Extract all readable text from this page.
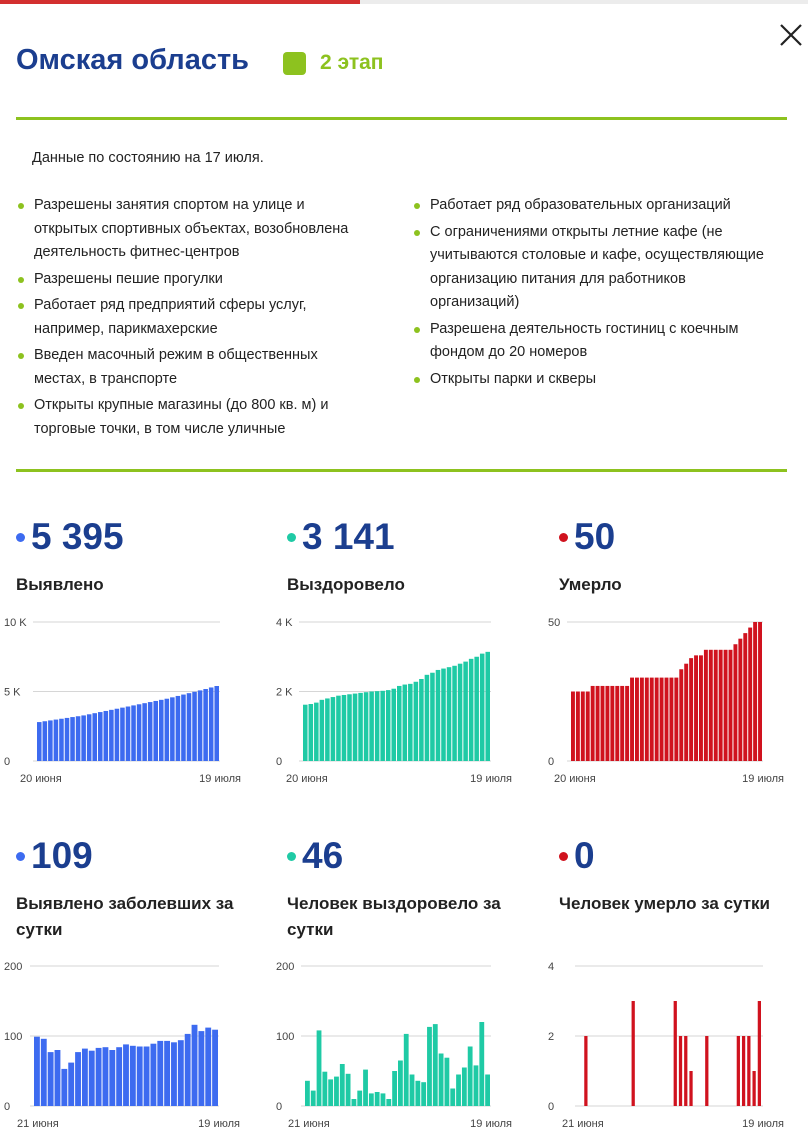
Омская область	2 этап
Данные по состоянию на 17 июля.
Разрешены занятия спортом на улице и открытых спортивных объектах, возобновлена деятельность фитнес-центров
Разрешены пешие прогулки
Работает ряд предприятий сферы услуг, например, парикмахерские
Введен масочный режим в общественных местах, в транспорте
Открыты крупные магазины (до 800 кв. м) и торговые точки, в том числе уличные
Работает ряд образовательных организаций
С ограничениями открыты летние кафе (не учитываются столовые и кафе, осуществляющие организацию питания для работников организаций)
Разрешена деятельность гостиниц с коечным фондом до 20 номеров
Открыты парки и скверы
5 395
Выявлено
3 141
Выздоровело
50
Умерло
109
Выявлено заболевших за сутки
46
Человек выздоровело за сутки
0
Человек умерло за сутки
0
5 K
10 K
20 июня	19 июля
0
2 K
4 K
20 июня	19 июля
0
50
20 июня	19 июля
0
100
200
21 июня	19 июля
0
100
200
21 июня	19 июля
0
2
4
21 июня	19 июля
